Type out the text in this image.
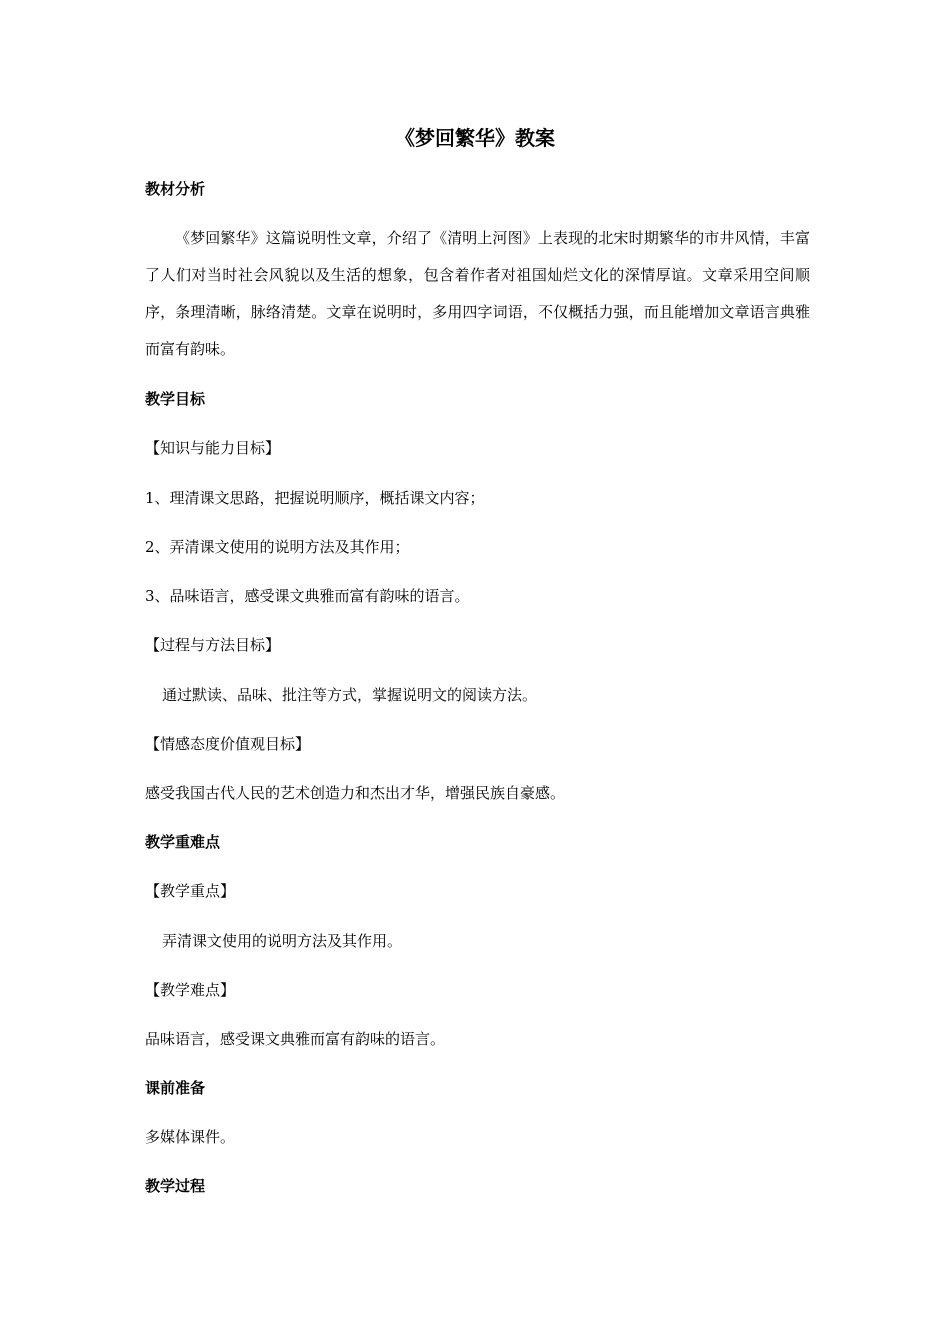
《梦回繁华》教案
教材分析
《梦回繁华》这篇说明性文章，介绍了《清明上河图》上表现的北宋时期繁华的市井风情，丰富了人们对当时社会风貌以及生活的想象，包含着作者对祖国灿烂文化的深情厚谊。文章采用空间顺序，条理清晰，脉络清楚。文章在说明时，多用四字词语，不仅概括力强，而且能增加文章语言典雅而富有韵味。
教学目标
【知识与能力目标】
1、理清课文思路，把握说明顺序，概括课文内容；
2、弄清课文使用的说明方法及其作用；
3、品味语言，感受课文典雅而富有韵味的语言。
【过程与方法目标】
通过默读、品味、批注等方式，掌握说明文的阅读方法。
【情感态度价值观目标】
感受我国古代人民的艺术创造力和杰出才华，增强民族自豪感。
教学重难点
【教学重点】
弄清课文使用的说明方法及其作用。
【教学难点】
品味语言，感受课文典雅而富有韵味的语言。
课前准备
多媒体课件。
教学过程
